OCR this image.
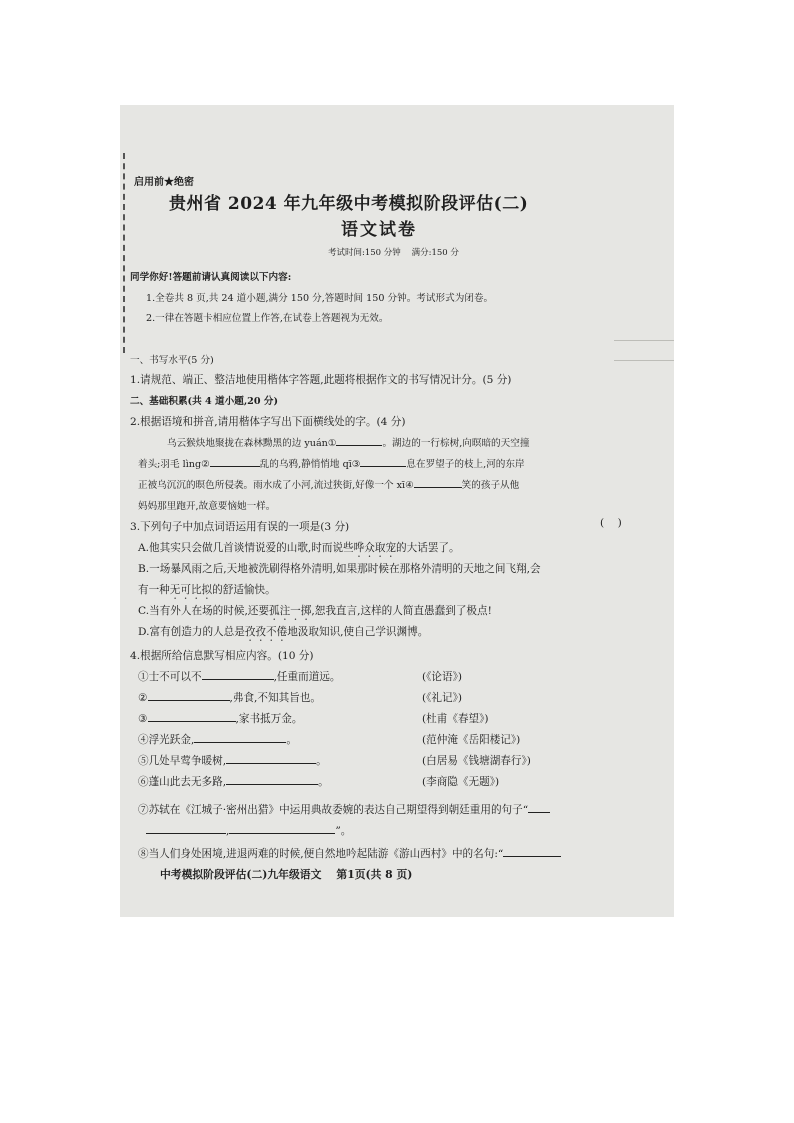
启用前★绝密
贵州省 2024 年九年级中考模拟阶段评估(二)
语文试卷
考试时间:150 分钟    满分:150 分
同学你好!答题前请认真阅读以下内容:
1.全卷共 8 页,共 24 道小题,满分 150 分,答题时间 150 分钟。考试形式为闭卷。
2.一律在答题卡相应位置上作答,在试卷上答题视为无效。
一、书写水平(5 分)
1.请规范、端正、整洁地使用楷体字答题,此题将根据作文的书写情况计分。(5 分)
二、基础积累(共 4 道小题,20 分)
2.根据语境和拼音,请用楷体字写出下面横线处的字。(4 分)
乌云猴炔地聚拢在森林黝黑的边 yuán①	。湖边的一行棕树,向暝暗的天空撞
着头;羽毛 lìng②	乱的乌鸦,静悄悄地 qī③	息在罗望子的枝上,河的东岸
正被乌沉沉的暝色所侵袭。雨水成了小河,流过狭街,好像一个 xī④	笑的孩子从他
妈妈那里跑开,故意要恼她一样。
3.下列句子中加点词语运用有误的一项是(3 分)	(    )
A.他其实只会做几首谈情说爱的山歌,时而说些哗众取宠的大话罢了。
B.一场暴风雨之后,天地被洗刷得格外清明,如果那时候在那格外清明的天地之间飞翔,会
有一种无可比拟的舒适愉快。
C.当有外人在场的时候,还要孤注一掷,恕我直言,这样的人简直愚蠢到了极点!
D.富有创造力的人总是孜孜不倦地汲取知识,使自己学识渊博。
4.根据所给信息默写相应内容。(10 分)
①士不可以不	,任重而道远。	(《论语》)
②	,弗食,不知其旨也。	(《礼记》)
③	,家书抵万金。	(杜甫《春望》)
④浮光跃金,	。	(范仲淹《岳阳楼记》)
⑤几处早莺争暖树,	。	(白居易《钱塘湖春行》)
⑥蓬山此去无多路,	。	(李商隐《无题》)
⑦苏轼在《江城子·密州出猎》中运用典故委婉的表达自己期望得到朝廷重用的句子“
,	”。
⑧当人们身处困境,进退两难的时候,便自然地吟起陆游《游山西村》中的名句:“
中考模拟阶段评估(二)九年级语文    第1页(共 8 页)
